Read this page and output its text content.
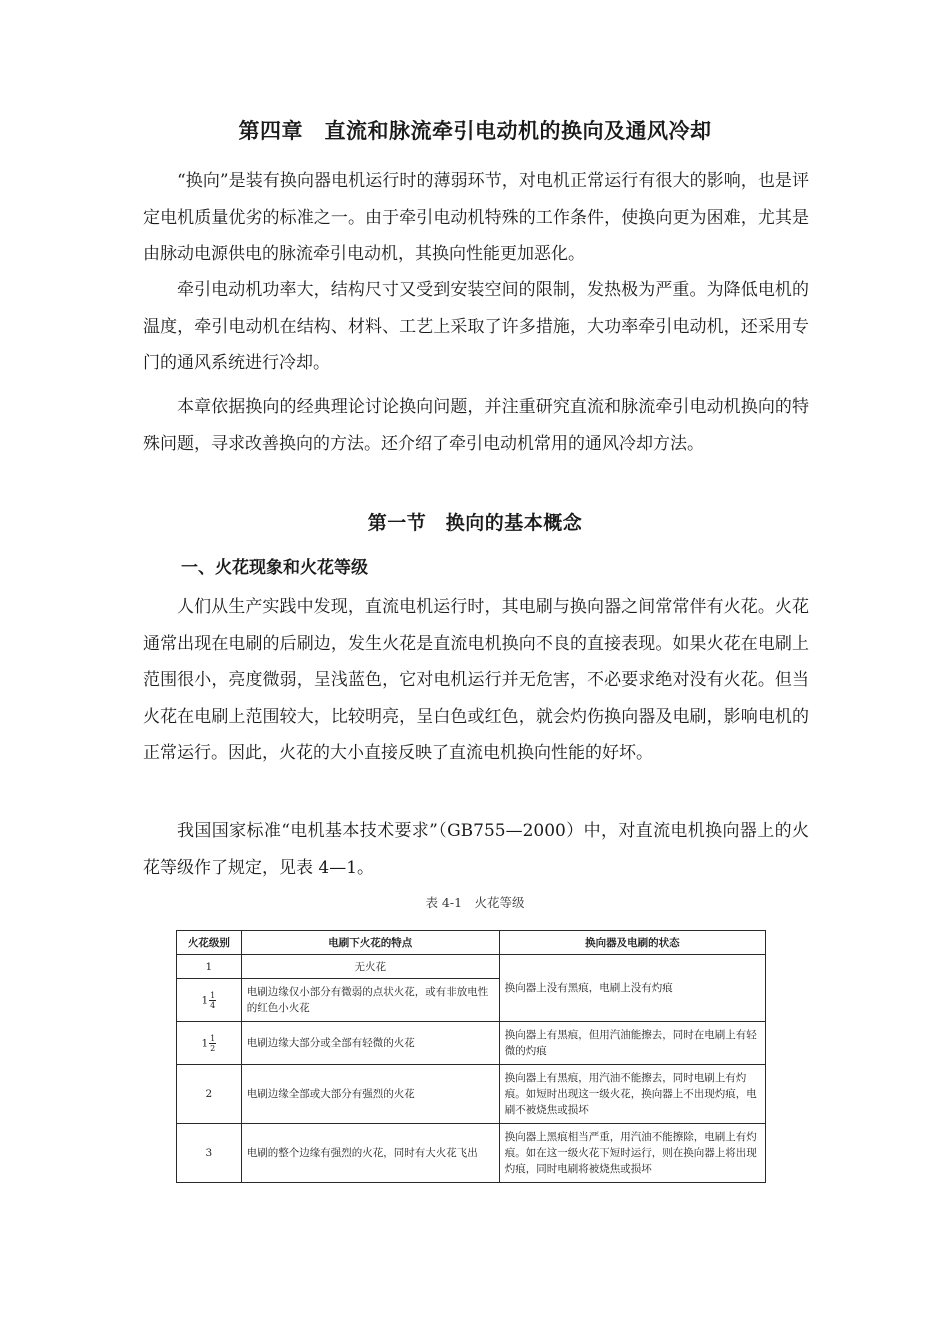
第四章　直流和脉流牵引电动机的换向及通风冷却

“换向”是装有换向器电机运行时的薄弱环节，对电机正常运行有很大的影响，也是评定电机质量优劣的标准之一。由于牵引电动机特殊的工作条件，使换向更为困难，尤其是由脉动电源供电的脉流牵引电动机，其换向性能更加恶化。

牵引电动机功率大，结构尺寸又受到安装空间的限制，发热极为严重。为降低电机的温度，牵引电动机在结构、材料、工艺上采取了许多措施，大功率牵引电动机，还采用专门的通风系统进行冷却。

本章依据换向的经典理论讨论换向问题，并注重研究直流和脉流牵引电动机换向的特殊问题，寻求改善换向的方法。还介绍了牵引电动机常用的通风冷却方法。

第一节　换向的基本概念
一、火花现象和火花等级

人们从生产实践中发现，直流电机运行时，其电刷与换向器之间常常伴有火花。火花通常出现在电刷的后刷边，发生火花是直流电机换向不良的直接表现。如果火花在电刷上范围很小，亮度微弱，呈浅蓝色，它对电机运行并无危害，不必要求绝对没有火花。但当火花在电刷上范围较大，比较明亮，呈白色或红色，就会灼伤换向器及电刷，影响电机的正常运行。因此，火花的大小直接反映了直流电机换向性能的好坏。

我国国家标准“电机基本技术要求”（GB755—2000）中，对直流电机换向器上的火花等级作了规定，见表 4—1。

表 4-1　火花等级
火花级别	电刷下火花的特点	换向器及电刷的状态
1	无火花	换向器上没有黑痕，电刷上没有灼痕
$1 \frac{1}{4}$	电刷边缘仅小部分有微弱的点状火花，或有非放电性的红色小火花	
$1 \frac{1}{2}$	电刷边缘大部分或全部有轻微的火花	换向器上有黑痕，但用汽油能擦去，同时在电刷上有轻微的灼痕
2	电刷边缘全部或大部分有强烈的火花	换向器上有黑痕，用汽油不能擦去，同时电刷上有灼痕。如短时出现这一级火花，换向器上不出现灼痕，电刷不被烧焦或损坏
3	电刷的整个边缘有强烈的火花，同时有大火花飞出	换向器上黑痕相当严重，用汽油不能擦除，电刷上有灼痕。如在这一级火花下短时运行，则在换向器上将出现灼痕，同时电刷将被烧焦或损坏
